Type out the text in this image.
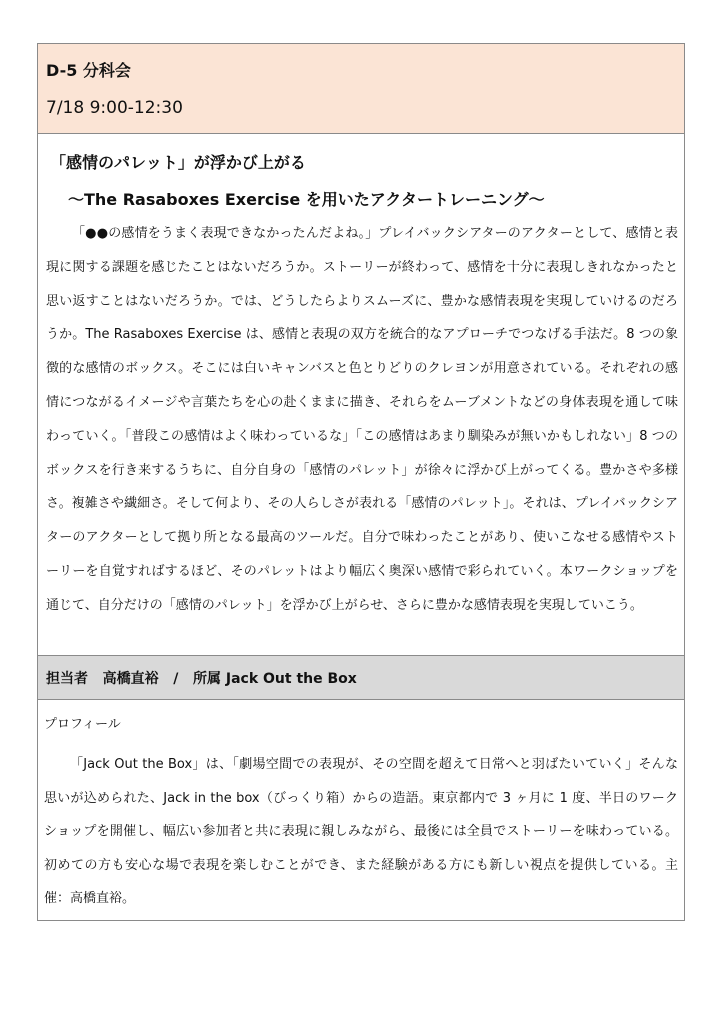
D-5 分科会
7/18 9:00-12:30
「感情のパレット」が浮かび上がる
～The Rasaboxes Exercise を用いたアクタートレーニング～
「●●の感情をうまく表現できなかったんだよね。」プレイバックシアターのアクターとして、感情と表現に関する課題を感じたことはないだろうか。ストーリーが終わって、感情を十分に表現しきれなかったと思い返すことはないだろうか。では、どうしたらよりスムーズに、豊かな感情表現を実現していけるのだろうか。The Rasaboxes Exercise は、感情と表現の双方を統合的なアプローチでつなげる手法だ。8 つの象徴的な感情のボックス。そこには白いキャンバスと色とりどりのクレヨンが用意されている。それぞれの感情につながるイメージや言葉たちを心の赴くままに描き、それらをムーブメントなどの身体表現を通して味わっていく。「普段この感情はよく味わっているな」「この感情はあまり馴染みが無いかもしれない」8 つのボックスを行き来するうちに、自分自身の「感情のパレット」が徐々に浮かび上がってくる。豊かさや多様さ。複雑さや繊細さ。そして何より、その人らしさが表れる「感情のパレット」。それは、プレイバックシアターのアクターとして拠り所となる最高のツールだ。自分で味わったことがあり、使いこなせる感情やストーリーを自覚すればするほど、そのパレットはより幅広く奥深い感情で彩られていく。本ワークショップを通じて、自分だけの「感情のパレット」を浮かび上がらせ、さらに豊かな感情表現を実現していこう。
担当者 高橋直裕 / 所属 Jack Out the Box
プロフィール
「Jack Out the Box」は、「劇場空間での表現が、その空間を超えて日常へと羽ばたいていく」そんな思いが込められた、Jack in the box（びっくり箱）からの造語。東京都内で 3 ヶ月に 1 度、半日のワークショップを開催し、幅広い参加者と共に表現に親しみながら、最後には全員でストーリーを味わっている。初めての方も安心な場で表現を楽しむことができ、また経験がある方にも新しい視点を提供している。主催：高橋直裕。
